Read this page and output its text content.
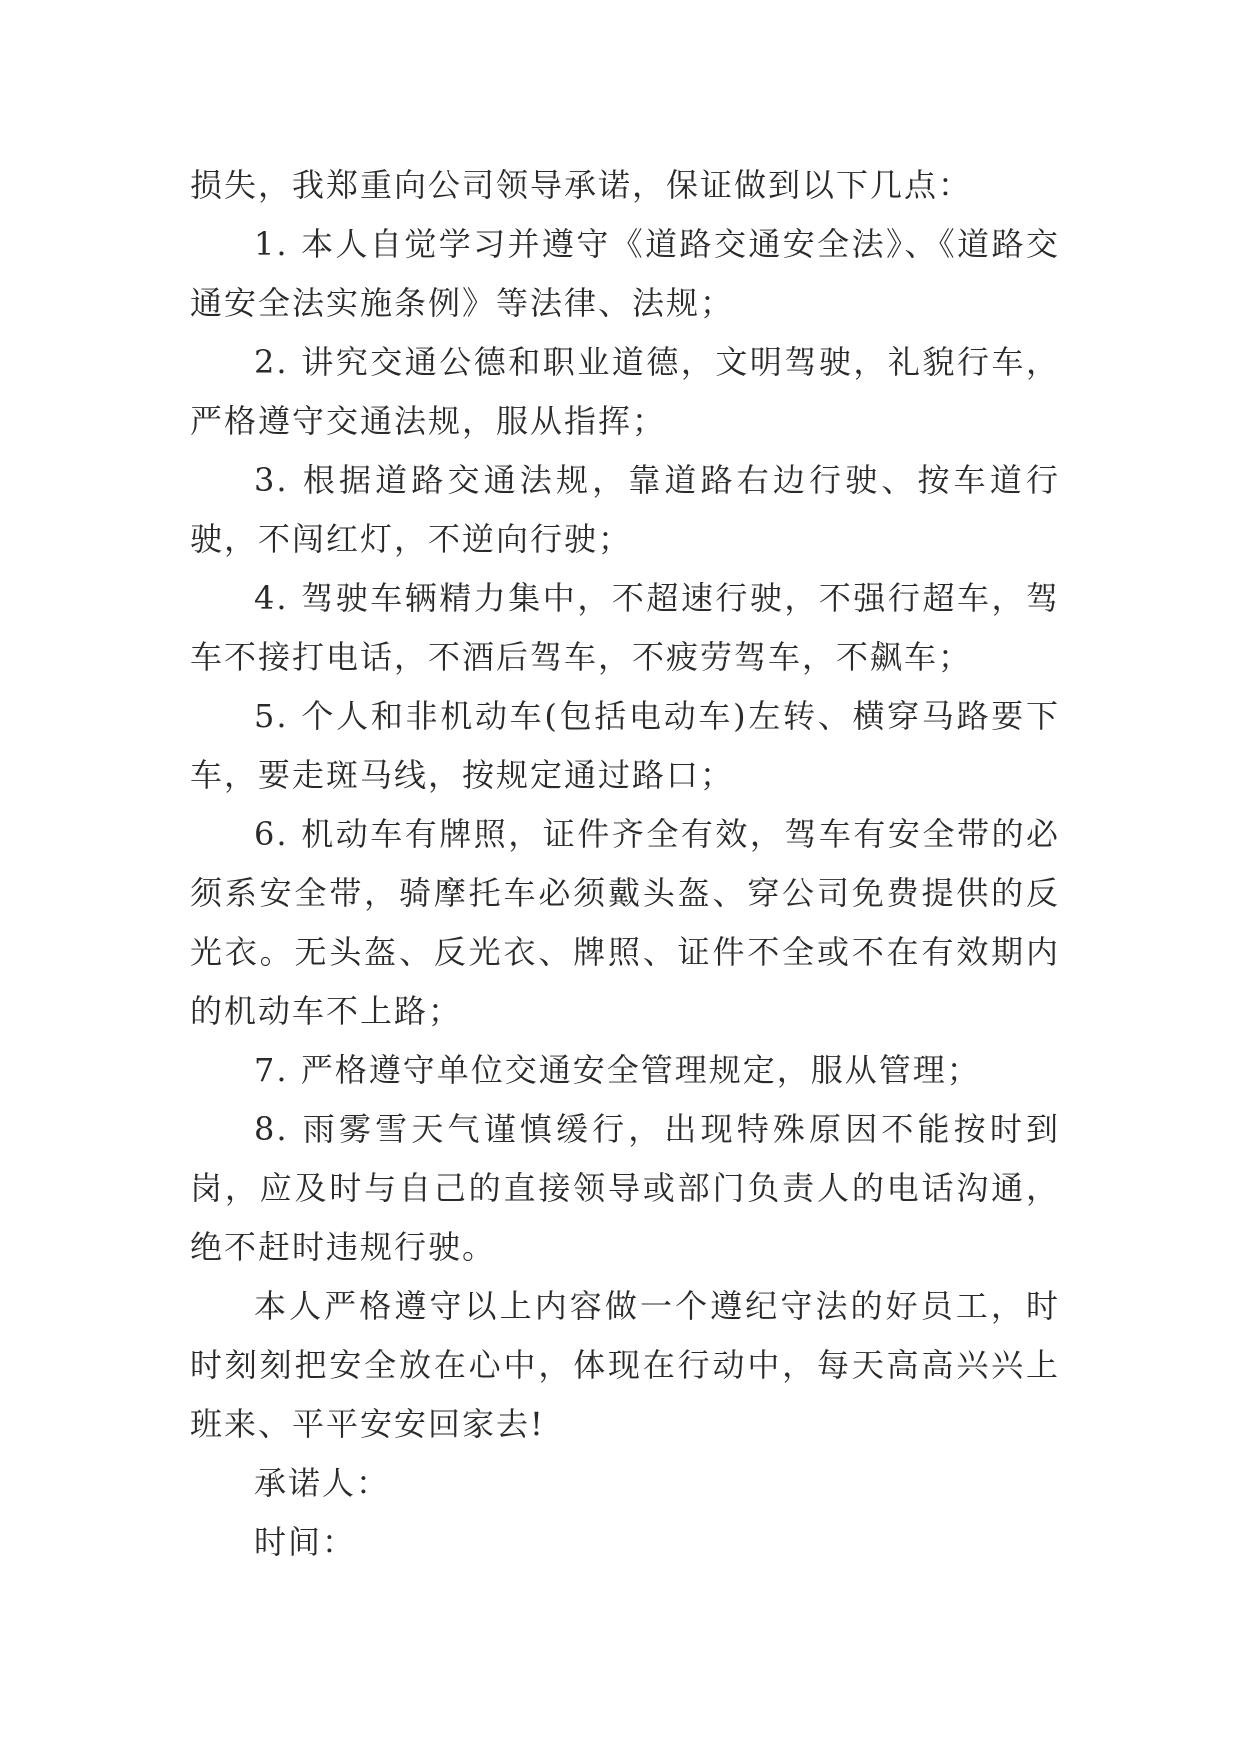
损失，我郑重向公司领导承诺，保证做到以下几点：

1. 本人自觉学习并遵守《道路交通安全法》、《道路交通安全法实施条例》等法律、法规；

2. 讲究交通公德和职业道德，文明驾驶，礼貌行车，严格遵守交通法规，服从指挥；

3. 根据道路交通法规，靠道路右边行驶、按车道行驶，不闯红灯，不逆向行驶；

4. 驾驶车辆精力集中，不超速行驶，不强行超车，驾车不接打电话，不酒后驾车，不疲劳驾车，不飙车；

5. 个人和非机动车(包括电动车)左转、横穿马路要下车，要走斑马线，按规定通过路口；

6. 机动车有牌照，证件齐全有效，驾车有安全带的必须系安全带，骑摩托车必须戴头盔、穿公司免费提供的反光衣。无头盔、反光衣、牌照、证件不全或不在有效期内的机动车不上路；

7. 严格遵守单位交通安全管理规定，服从管理；

8. 雨雾雪天气谨慎缓行，出现特殊原因不能按时到岗，应及时与自己的直接领导或部门负责人的电话沟通，绝不赶时违规行驶。

本人严格遵守以上内容做一个遵纪守法的好员工，时时刻刻把安全放在心中，体现在行动中，每天高高兴兴上班来、平平安安回家去!

承诺人：

时间：
